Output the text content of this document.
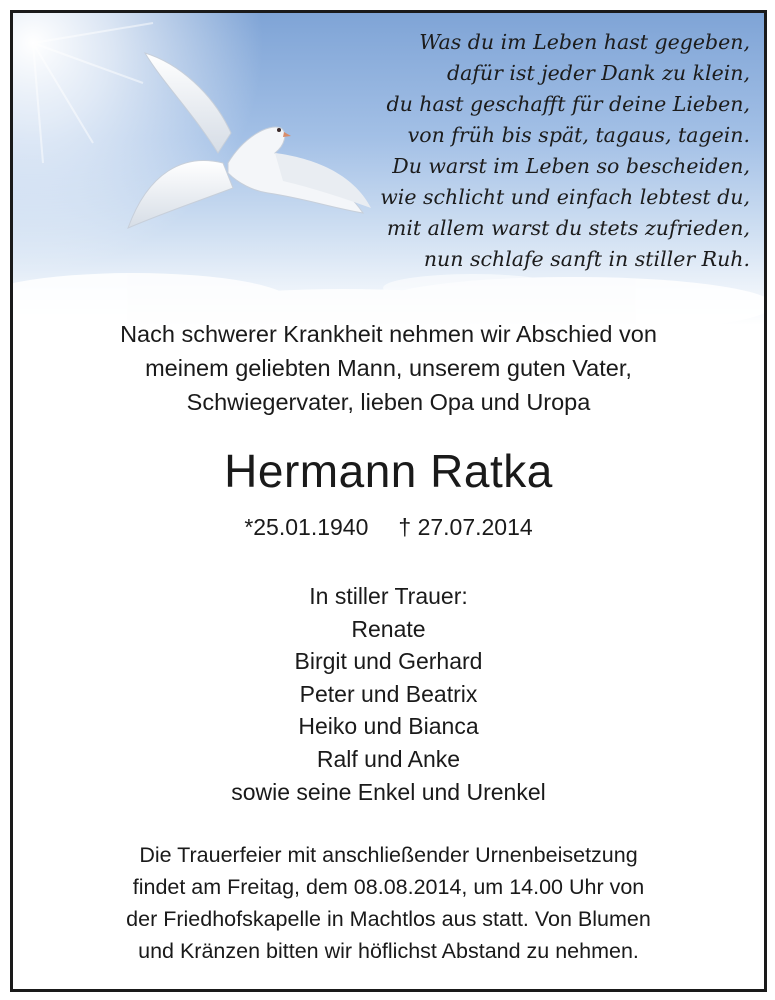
Was du im Leben hast gegeben,
dafür ist jeder Dank zu klein,
du hast geschafft für deine Lieben,
von früh bis spät, tagaus, tagein.
Du warst im Leben so bescheiden,
wie schlicht und einfach lebtest du,
mit allem warst du stets zufrieden,
nun schlafe sanft in stiller Ruh.
Nach schwerer Krankheit nehmen wir Abschied von
meinem geliebten Mann, unserem guten Vater,
Schwiegervater, lieben Opa und Uropa
Hermann Ratka
*25.01.1940 † 27.07.2014
In stiller Trauer:
Renate
Birgit und Gerhard
Peter und Beatrix
Heiko und Bianca
Ralf und Anke
sowie seine Enkel und Urenkel
Die Trauerfeier mit anschließender Urnenbeisetzung
findet am Freitag, dem 08.08.2014, um 14.00 Uhr von
der Friedhofskapelle in Machtlos aus statt. Von Blumen
und Kränzen bitten wir höflichst Abstand zu nehmen.
